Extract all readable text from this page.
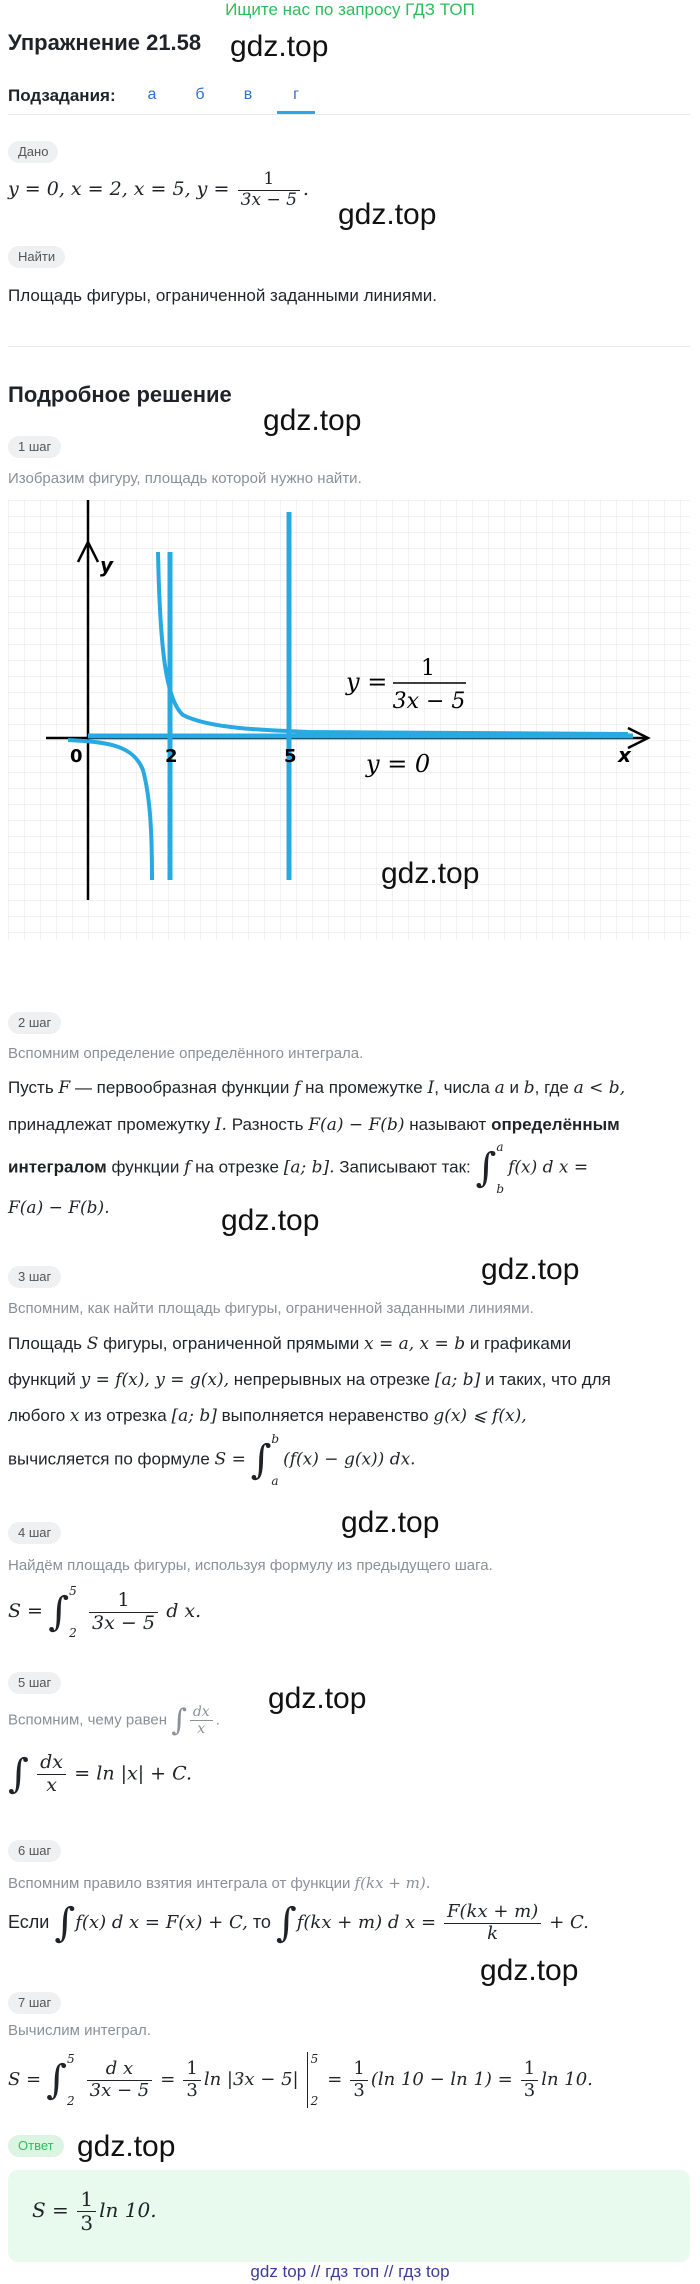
Ищите нас по запросу ГДЗ ТОП
Упражнение 21.58 gdz.top
Подзадания:	а	б	в	г
Дано
y = 0, x = 2, x = 5, $y = \frac{1}{3x - 5}$ .
gdz.top
Найти
Площадь фигуры, ограниченной заданными линиями.
Подробное решение
gdz.top
1 шаг
Изобразим фигуру, площадь которой нужно найти.
y
x
0	2	5
y = 1
3x − 5
y = 0
gdz.top
2 шаг
Вспомним определение определённого интеграла.
Пусть F — первообразная функции f на промежутке I, числа a и b, где a < b,
принадлежат промежутку I. Разность F(a) − F(b) называют определённым
интегралом функции f на отрезке [a; b]. Записывают так: ∫ a
b
f(x) d x =
F(a) − F(b).	gdz.top
gdz.top
3 шаг
Вспомним, как найти площадь фигуры, ограниченной заданными линиями.
Площадь S фигуры, ограниченной прямыми x = a, x = b и графиками
функций y = f(x), y = g(x), непрерывных на отрезке [a; b] и таких, что для
любого x из отрезка [a; b] выполняется неравенство g(x) ⩽ f(x),
вычисляется по формуле S = ∫ b
a
(f(x) − g(x)) dx.
gdz.top
4 шаг
Найдём площадь фигуры, используя формулу из предыдущего шага.
S = ∫ 5
2
$\frac{1}{3x - 5}$ d x.
5 шаг	gdz.top
Вспомним, чему равен ∫ $\frac{dx}{x}$ .
∫ $\frac{dx}{x} = \ln |x| + C$.
6 шаг
Вспомним правило взятия интеграла от функции f(kx + m).
Если ∫f(x) d x = F(x) + C, то ∫f(kx + m) d $x = \frac{F(kx + m)}{k} + C$.
gdz.top
7 шаг
Вычислим интеграл.
S = ∫ 5
2
$\frac{\text{d x}}{3x - 5} = \frac{1}{3}$ ln |3x − 5|
5
2
= $\frac{1}{3} (\ln$ $10 - \ln 1) = \frac{1}{3}$ ln 10.
Ответ gdz.top
$S = \frac{1}{3}$ ln 10.
gdz top // гдз топ // гдз top
